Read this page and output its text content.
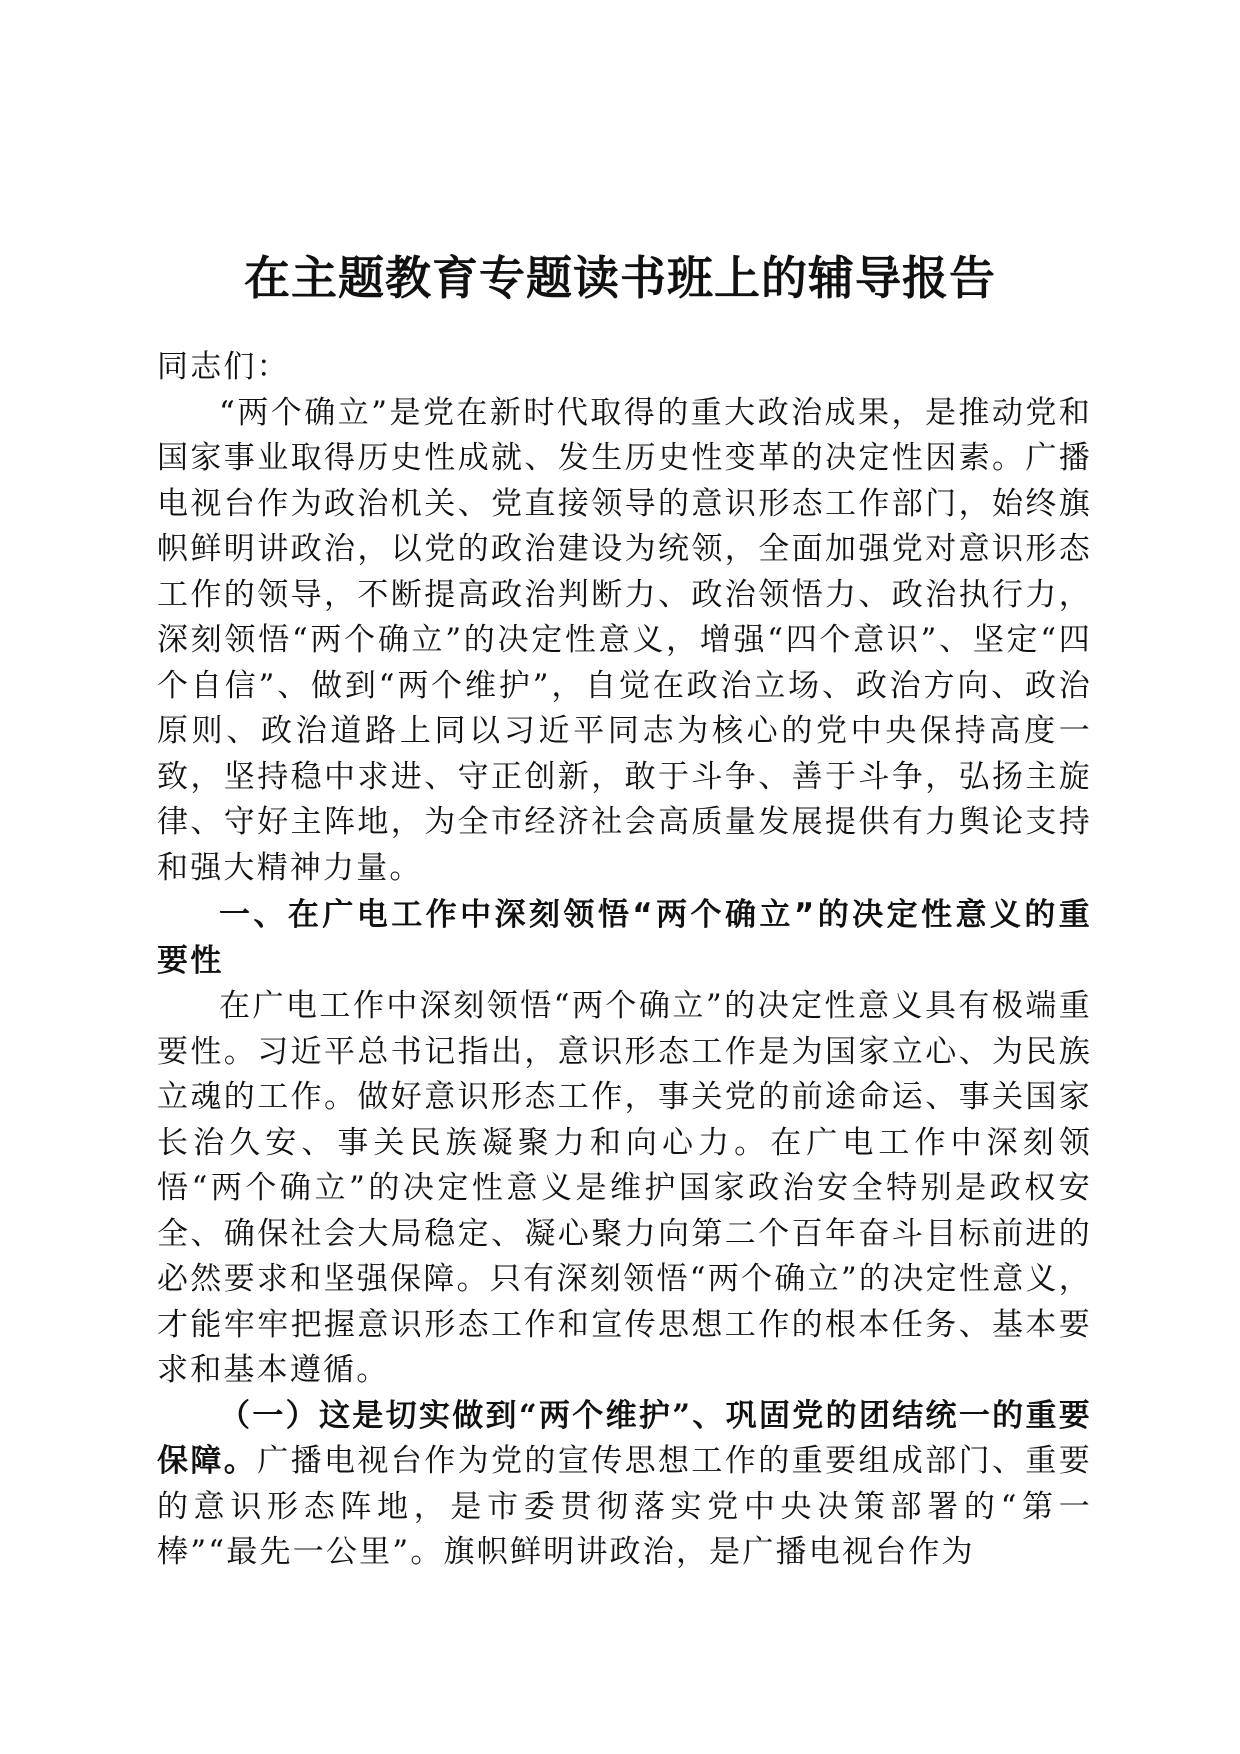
在主题教育专题读书班上的辅导报告

同志们：

“两个确立”是党在新时代取得的重大政治成果，是推动党和国家事业取得历史性成就、发生历史性变革的决定性因素。广播电视台作为政治机关、党直接领导的意识形态工作部门，始终旗帜鲜明讲政治，以党的政治建设为统领，全面加强党对意识形态工作的领导，不断提高政治判断力、政治领悟力、政治执行力，深刻领悟“两个确立”的决定性意义，增强“四个意识”、坚定“四个自信”、做到“两个维护”，自觉在政治立场、政治方向、政治原则、政治道路上同以习近平同志为核心的党中央保持高度一致，坚持稳中求进、守正创新，敢于斗争、善于斗争，弘扬主旋律、守好主阵地，为全市经济社会高质量发展提供有力舆论支持和强大精神力量。

一、在广电工作中深刻领悟“两个确立”的决定性意义的重要性

在广电工作中深刻领悟“两个确立”的决定性意义具有极端重要性。习近平总书记指出，意识形态工作是为国家立心、为民族立魂的工作。做好意识形态工作，事关党的前途命运、事关国家长治久安、事关民族凝聚力和向心力。在广电工作中深刻领悟“两个确立”的决定性意义是维护国家政治安全特别是政权安全、确保社会大局稳定、凝心聚力向第二个百年奋斗目标前进的必然要求和坚强保障。只有深刻领悟“两个确立”的决定性意义，才能牢牢把握意识形态工作和宣传思想工作的根本任务、基本要求和基本遵循。

（一）这是切实做到“两个维护”、巩固党的团结统一的重要保障。广播电视台作为党的宣传思想工作的重要组成部门、重要的意识形态阵地，是市委贯彻落实党中央决策部署的“第一棒”“最先一公里”。旗帜鲜明讲政治，是广播电视台作为
